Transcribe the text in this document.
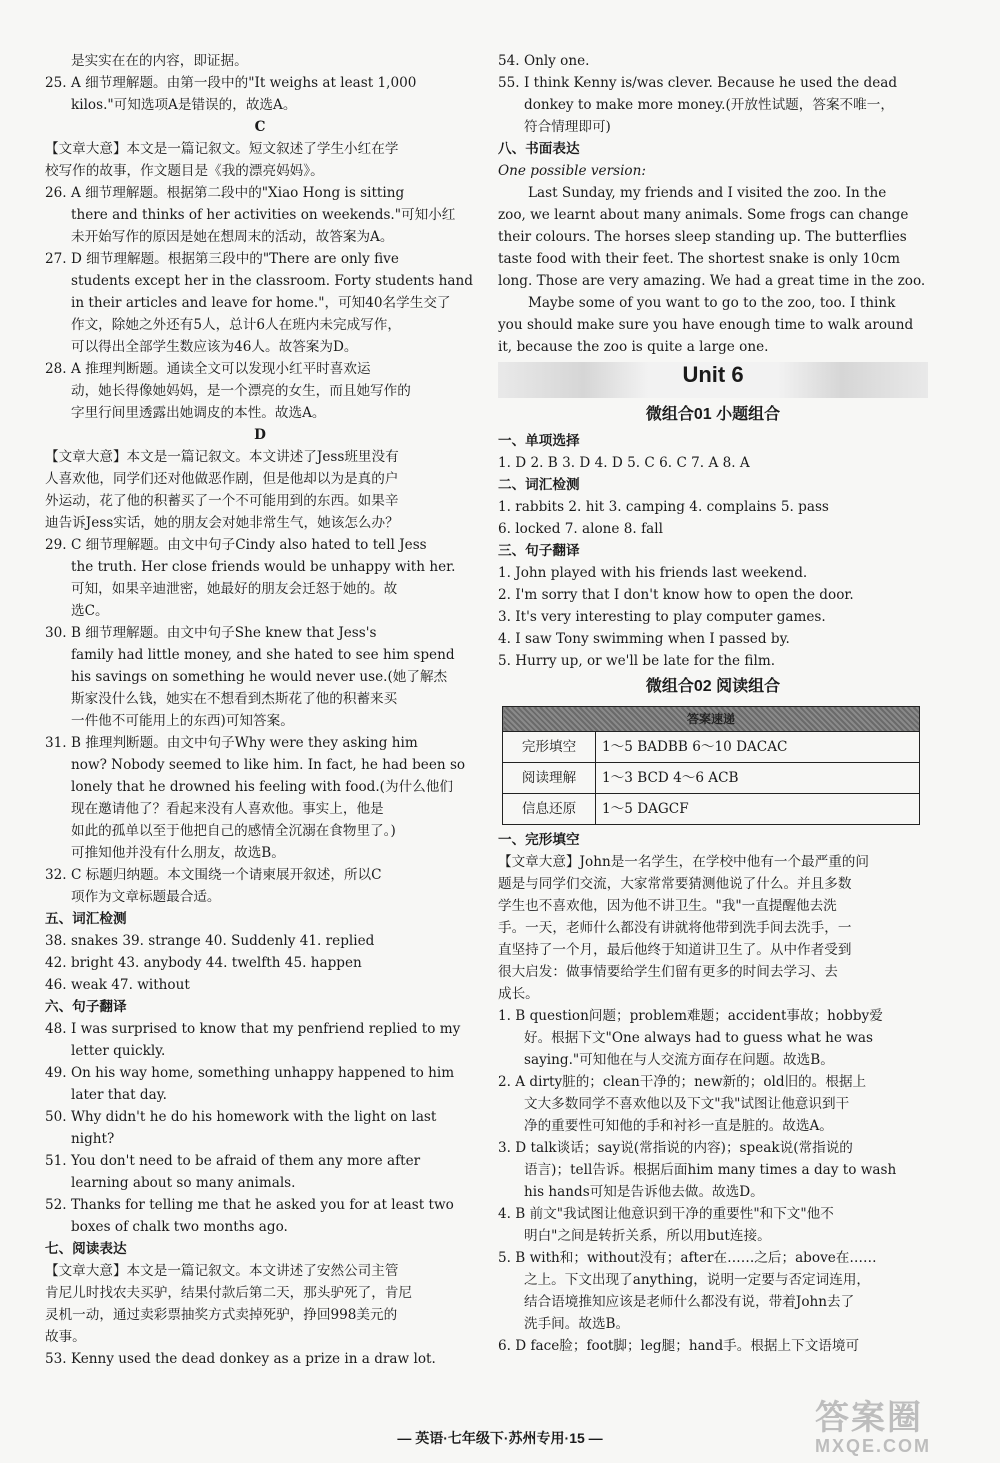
是实实在在的内容，即证据。
25. A 细节理解题。由第一段中的"It weighs at least 1,000
kilos."可知选项A是错误的，故选A。
C
【文章大意】本文是一篇记叙文。短文叙述了学生小红在学
校写作的故事，作文题目是《我的漂亮妈妈》。
26. A 细节理解题。根据第二段中的"Xiao Hong is sitting
there and thinks of her activities on weekends."可知小红
未开始写作的原因是她在想周末的活动，故答案为A。
27. D 细节理解题。根据第三段中的"There are only five
students except her in the classroom. Forty students hand
in their articles and leave for home."，可知40名学生交了
作文，除她之外还有5人，总计6人在班内未完成写作，
可以得出全部学生数应该为46人。故答案为D。
28. A 推理判断题。通读全文可以发现小红平时喜欢运
动，她长得像她妈妈，是一个漂亮的女生，而且她写作的
字里行间里透露出她调皮的本性。故选A。
D
【文章大意】本文是一篇记叙文。本文讲述了Jess班里没有
人喜欢他，同学们还对他做恶作剧，但是他却以为是真的户
外运动，花了他的积蓄买了一个不可能用到的东西。如果辛
迪告诉Jess实话，她的朋友会对她非常生气，她该怎么办？
29. C 细节理解题。由文中句子Cindy also hated to tell Jess
the truth. Her close friends would be unhappy with her.
可知，如果辛迪泄密，她最好的朋友会迁怒于她的。故
选C。
30. B 细节理解题。由文中句子She knew that Jess's
family had little money, and she hated to see him spend
his savings on something he would never use.(她了解杰
斯家没什么钱，她实在不想看到杰斯花了他的积蓄来买
一件他不可能用上的东西)可知答案。
31. B 推理判断题。由文中句子Why were they asking him
now? Nobody seemed to like him. In fact, he had been so
lonely that he drowned his feeling with food.(为什么他们
现在邀请他了？看起来没有人喜欢他。事实上，他是
如此的孤单以至于他把自己的感情全沉溺在食物里了。)
可推知他并没有什么朋友，故选B。
32. C 标题归纳题。本文围绕一个请柬展开叙述，所以C
项作为文章标题最合适。
五、词汇检测
38. snakes 39. strange 40. Suddenly 41. replied
42. bright 43. anybody 44. twelfth 45. happen
46. weak 47. without
六、句子翻译
48. I was surprised to know that my penfriend replied to my
letter quickly.
49. On his way home, something unhappy happened to him
later that day.
50. Why didn't he do his homework with the light on last
night?
51. You don't need to be afraid of them any more after
learning about so many animals.
52. Thanks for telling me that he asked you for at least two
boxes of chalk two months ago.
七、阅读表达
【文章大意】本文是一篇记叙文。本文讲述了安然公司主管
肯尼儿时找农夫买驴，结果付款后第二天，那头驴死了，肯尼
灵机一动，通过卖彩票抽奖方式卖掉死驴，挣回998美元的
故事。
53. Kenny used the dead donkey as a prize in a draw lot.
54. Only one.
55. I think Kenny is/was clever. Because he used the dead
donkey to make more money.(开放性试题，答案不唯一，
符合情理即可)
八、书面表达
One possible version:
Last Sunday, my friends and I visited the zoo. In the
zoo, we learnt about many animals. Some frogs can change
their colours. The horses sleep standing up. The butterflies
taste food with their feet. The shortest snake is only 10cm
long. Those are very amazing. We had a great time in the zoo.
Maybe some of you want to go to the zoo, too. I think
you should make sure you have enough time to walk around
it, because the zoo is quite a large one.
Unit 6
微组合01 小题组合
一、单项选择
1. D 2. B 3. D 4. D 5. C 6. C 7. A 8. A
二、词汇检测
1. rabbits 2. hit 3. camping 4. complains 5. pass
6. locked 7. alone 8. fall
三、句子翻译
1. John played with his friends last weekend.
2. I'm sorry that I don't know how to open the door.
3. It's very interesting to play computer games.
4. I saw Tony swimming when I passed by.
5. Hurry up, or we'll be late for the film.
微组合02 阅读组合
答案速递	
完形填空	1～5 BADBB 6～10 DACAC
阅读理解	1～3 BCD 4～6 ACB
信息还原	1～5 DAGCF
一、完形填空
【文章大意】John是一名学生，在学校中他有一个最严重的问
题是与同学们交流，大家常常要猜测他说了什么。并且多数
学生也不喜欢他，因为他不讲卫生。"我"一直提醒他去洗
手。一天，老师什么都没有讲就将他带到洗手间去洗手，一
直坚持了一个月，最后他终于知道讲卫生了。从中作者受到
很大启发：做事情要给学生们留有更多的时间去学习、去
成长。
1. B question问题；problem难题；accident事故；hobby爱
好。根据下文"One always had to guess what he was
saying."可知他在与人交流方面存在问题。故选B。
2. A dirty脏的；clean干净的；new新的；old旧的。根据上
文大多数同学不喜欢他以及下文"我"试图让他意识到干
净的重要性可知他的手和衬衫一直是脏的。故选A。
3. D talk谈话；say说(常指说的内容)；speak说(常指说的
语言)；tell告诉。根据后面him many times a day to wash
his hands可知是告诉他去做。故选D。
4. B 前文"我试图让他意识到干净的重要性"和下文"他不
明白"之间是转折关系，所以用but连接。
5. B with和；without没有；after在……之后；above在……
之上。下文出现了anything，说明一定要与否定词连用，
结合语境推知应该是老师什么都没有说，带着John去了
洗手间。故选B。
6. D face脸；foot脚；leg腿；hand手。根据上下文语境可
— 英语·七年级下·苏州专用·15 —
答案圈
MXQE.COM
